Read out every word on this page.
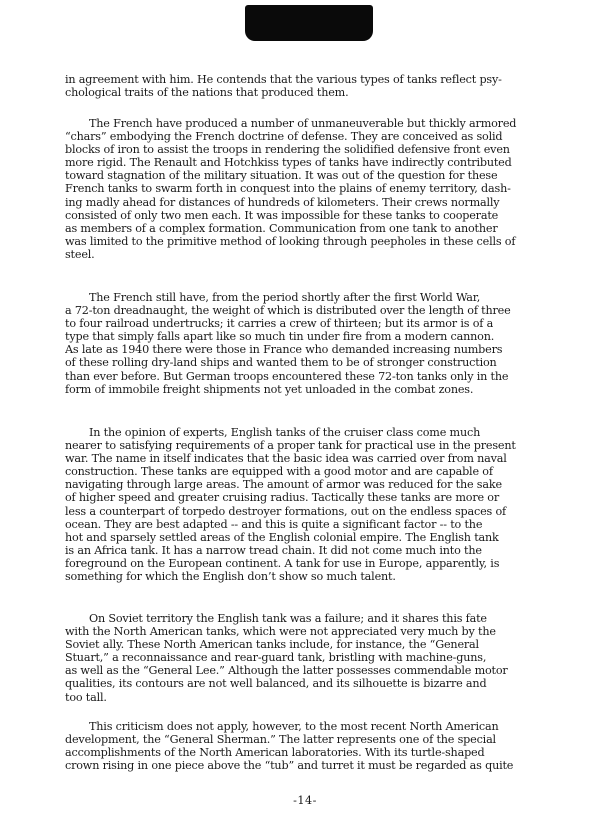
in agreement with him. He contends that the various types of tanks reflect psy-
chological traits of the nations that produced them.
The French have produced a number of unmaneuverable but thickly armored
“chars” embodying the French doctrine of defense. They are conceived as solid
blocks of iron to assist the troops in rendering the solidified defensive front even
more rigid. The Renault and Hotchkiss types of tanks have indirectly contributed
toward stagnation of the military situation. It was out of the question for these
French tanks to swarm forth in conquest into the plains of enemy territory, dash-
ing madly ahead for distances of hundreds of kilometers. Their crews normally
consisted of only two men each. It was impossible for these tanks to cooperate
as members of a complex formation. Communication from one tank to another
was limited to the primitive method of looking through peepholes in these cells of
steel.
The French still have, from the period shortly after the first World War,
a 72-ton dreadnaught, the weight of which is distributed over the length of three
to four railroad undertrucks; it carries a crew of thirteen; but its armor is of a
type that simply falls apart like so much tin under fire from a modern cannon.
As late as 1940 there were those in France who demanded increasing numbers
of these rolling dry-land ships and wanted them to be of stronger construction
than ever before. But German troops encountered these 72-ton tanks only in the
form of immobile freight shipments not yet unloaded in the combat zones.
In the opinion of experts, English tanks of the cruiser class come much
nearer to satisfying requirements of a proper tank for practical use in the present
war. The name in itself indicates that the basic idea was carried over from naval
construction. These tanks are equipped with a good motor and are capable of
navigating through large areas. The amount of armor was reduced for the sake
of higher speed and greater cruising radius. Tactically these tanks are more or
less a counterpart of torpedo destroyer formations, out on the endless spaces of
ocean. They are best adapted -- and this is quite a significant factor -- to the
hot and sparsely settled areas of the English colonial empire. The English tank
is an Africa tank. It has a narrow tread chain. It did not come much into the
foreground on the European continent. A tank for use in Europe, apparently, is
something for which the English don’t show so much talent.
On Soviet territory the English tank was a failure; and it shares this fate
with the North American tanks, which were not appreciated very much by the
Soviet ally. These North American tanks include, for instance, the “General
Stuart,” a reconnaissance and rear-guard tank, bristling with machine-guns,
as well as the “General Lee.” Although the latter possesses commendable motor
qualities, its contours are not well balanced, and its silhouette is bizarre and
too tall.
This criticism does not apply, however, to the most recent North American
development, the “General Sherman.” The latter represents one of the special
accomplishments of the North American laboratories. With its turtle-shaped
crown rising in one piece above the “tub” and turret it must be regarded as quite
-14-
